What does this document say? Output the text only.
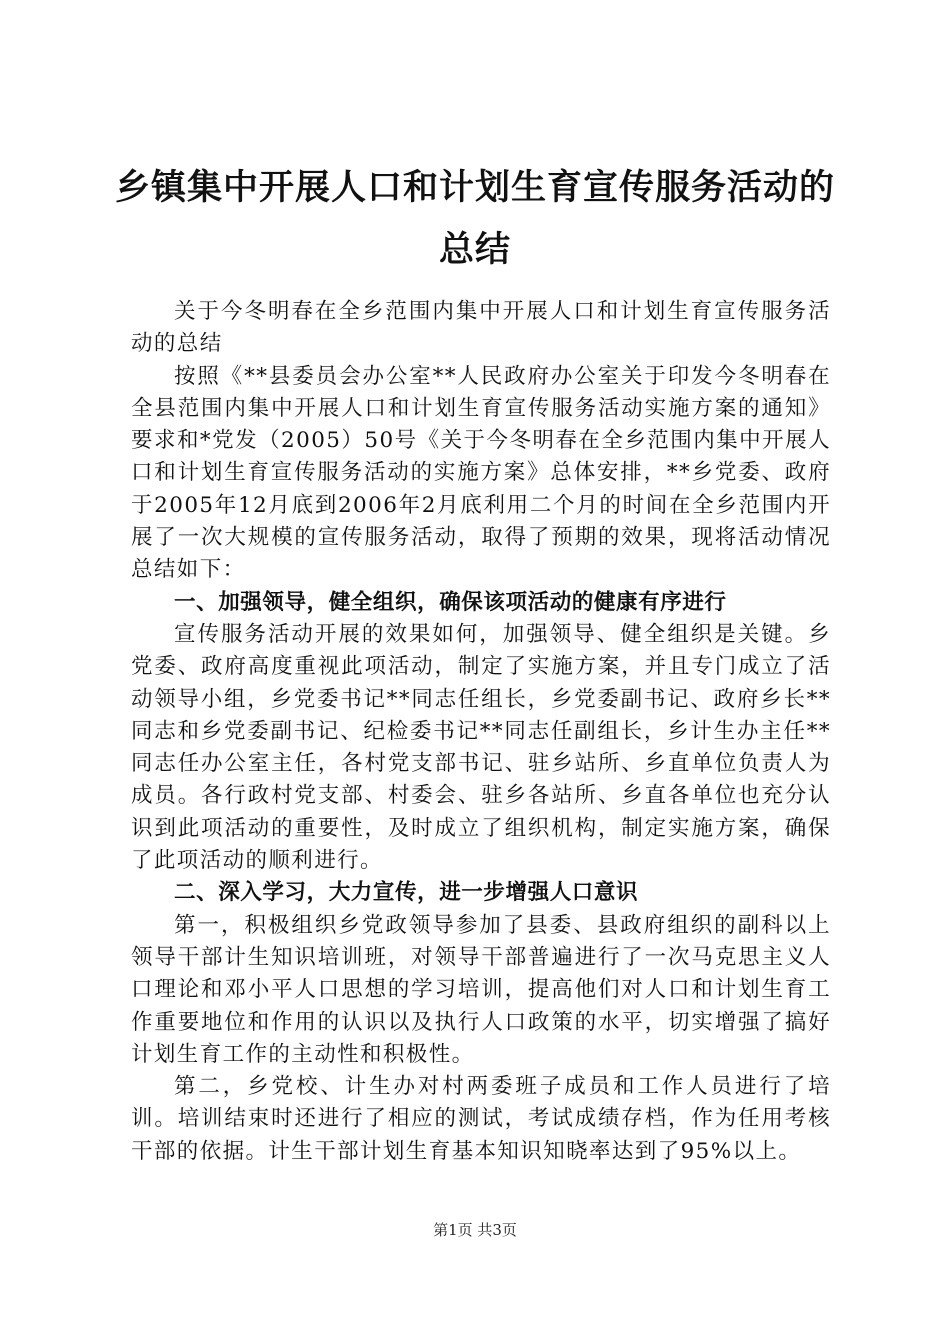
乡镇集中开展人口和计划生育宣传服务活动的
总结

关于今冬明春在全乡范围内集中开展人口和计划生育宣传服务活动的总结

按照《**县委员会办公室**人民政府办公室关于印发今冬明春在全县范围内集中开展人口和计划生育宣传服务活动实施方案的通知》要求和*党发（2005）50号《关于今冬明春在全乡范围内集中开展人口和计划生育宣传服务活动的实施方案》总体安排，**乡党委、政府于2005年12月底到2006年2月底利用二个月的时间在全乡范围内开展了一次大规模的宣传服务活动，取得了预期的效果，现将活动情况总结如下：

一、加强领导，健全组织，确保该项活动的健康有序进行

宣传服务活动开展的效果如何，加强领导、健全组织是关键。乡党委、政府高度重视此项活动，制定了实施方案，并且专门成立了活动领导小组，乡党委书记**同志任组长，乡党委副书记、政府乡长**同志和乡党委副书记、纪检委书记**同志任副组长，乡计生办主任**同志任办公室主任，各村党支部书记、驻乡站所、乡直单位负责人为成员。各行政村党支部、村委会、驻乡各站所、乡直各单位也充分认识到此项活动的重要性，及时成立了组织机构，制定实施方案，确保了此项活动的顺利进行。

二、深入学习，大力宣传，进一步增强人口意识

第一，积极组织乡党政领导参加了县委、县政府组织的副科以上领导干部计生知识培训班，对领导干部普遍进行了一次马克思主义人口理论和邓小平人口思想的学习培训，提高他们对人口和计划生育工作重要地位和作用的认识以及执行人口政策的水平，切实增强了搞好计划生育工作的主动性和积极性。

第二，乡党校、计生办对村两委班子成员和工作人员进行了培训。培训结束时还进行了相应的测试，考试成绩存档，作为任用考核干部的依据。计生干部计划生育基本知识知晓率达到了95%以上。

第1页 共3页
